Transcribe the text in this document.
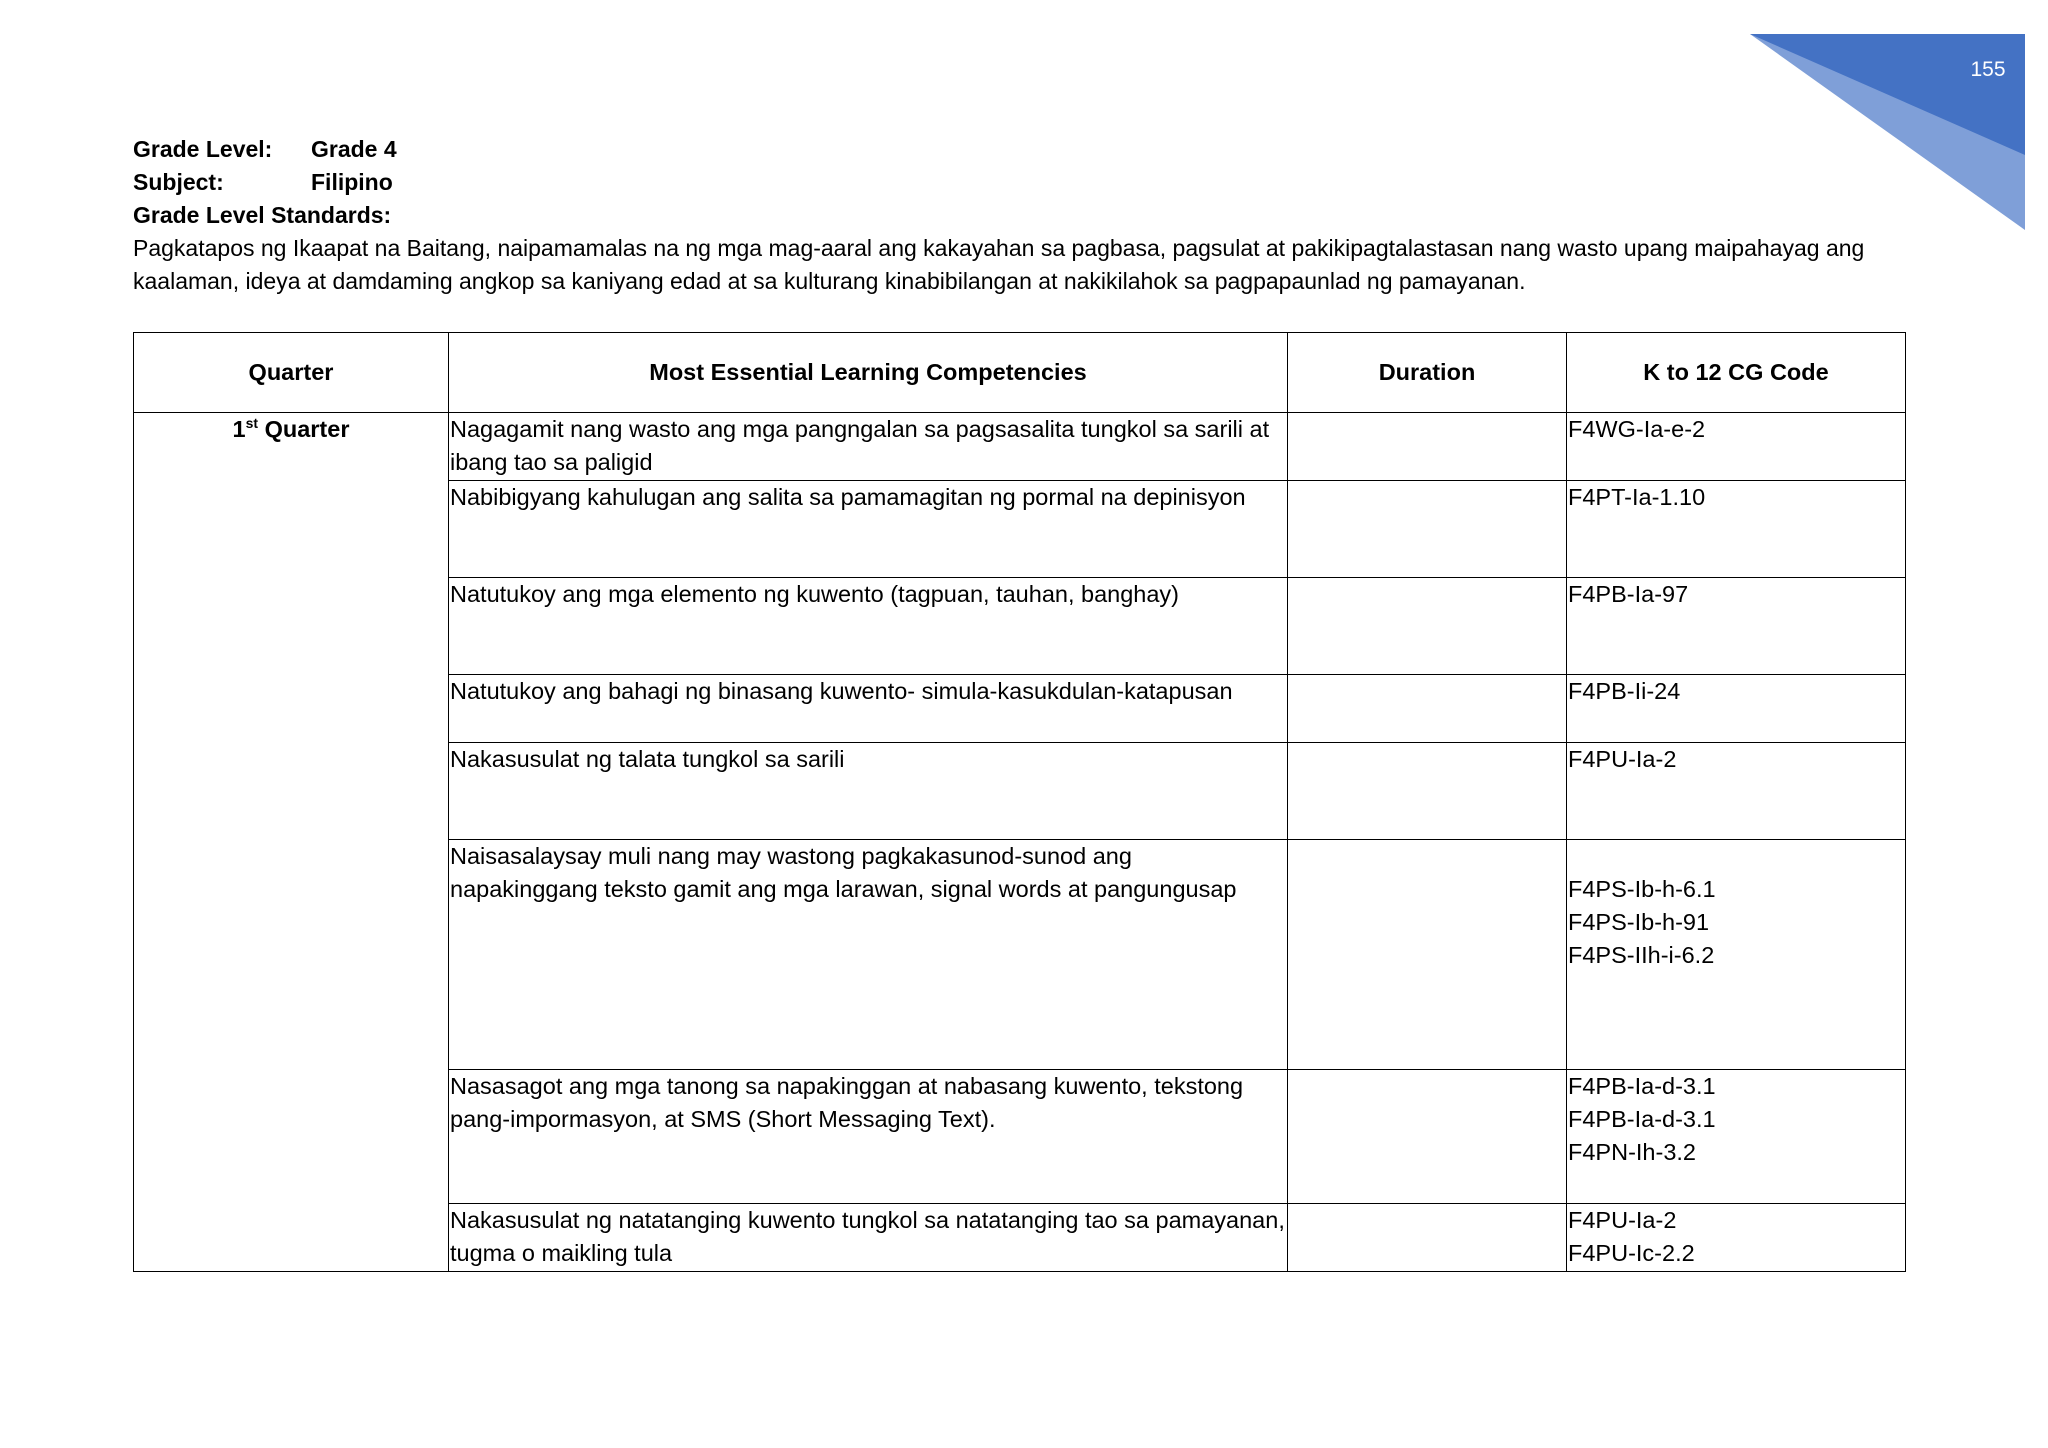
155
Grade Level:	Grade 4
Subject:	Filipino
Grade Level Standards:
Pagkatapos ng Ikaapat na Baitang, naipamamalas na ng mga mag-aaral ang kakayahan sa pagbasa, pagsulat at pakikipagtalastasan nang wasto upang maipahayag ang kaalaman, ideya at damdaming angkop sa kaniyang edad at sa kulturang kinabibilangan at nakikilahok sa pagpapaunlad ng pamayanan.
Quarter	Most Essential Learning Competencies	Duration	K to 12 CG Code
1st Quarter	Nagagamit nang wasto ang mga pangngalan sa pagsasalita tungkol sa sarili at ibang tao sa paligid		F4WG-Ia-e-2

	Nabibigyang kahulugan ang salita sa pamamagitan ng pormal na depinisyon		F4PT-Ia-1.10

	Natutukoy ang mga elemento ng kuwento (tagpuan, tauhan, banghay)		F4PB-Ia-97

	Natutukoy ang bahagi ng binasang kuwento- simula-kasukdulan-katapusan		F4PB-Ii-24

	Nakasusulat ng talata tungkol sa sarili		F4PU-Ia-2

	Naisasalaysay muli nang may wastong pagkakasunod-sunod ang napakinggang teksto gamit ang mga larawan, signal words at pangungusap		F4PS-Ib-h-6.1
F4PS-Ib-h-91
F4PS-IIh-i-6.2

	Nasasagot ang mga tanong sa napakinggan at nabasang kuwento, tekstong pang-impormasyon, at SMS (Short Messaging Text).		F4PB-Ia-d-3.1
F4PB-Ia-d-3.1
F4PN-Ih-3.2

	Nakasusulat ng natatanging kuwento tungkol sa natatanging tao sa pamayanan, tugma o maikling tula		F4PU-Ia-2
F4PU-Ic-2.2
